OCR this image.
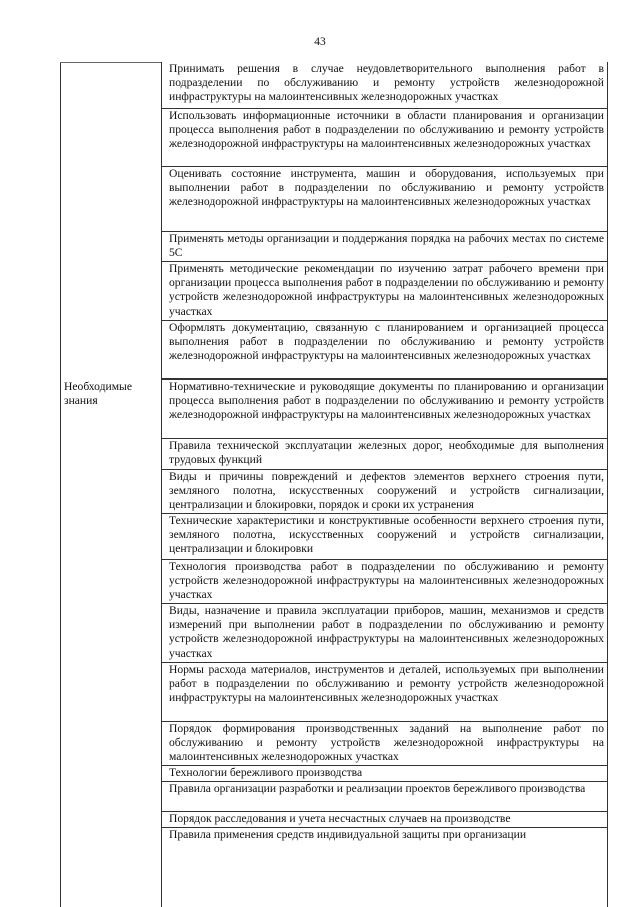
43
Необходимые знания
Принимать решения в случае неудовлетворительного выполнения работ в подразделении по обслуживанию и ремонту устройств железнодорожной инфраструктуры на малоинтенсивных железнодорожных участках
Использовать информационные источники в области планирования и организации процесса выполнения работ в подразделении по обслуживанию и ремонту устройств железнодорожной инфраструктуры на малоинтенсивных железнодорожных участках
Оценивать состояние инструмента, машин и оборудования, используемых при выполнении работ в подразделении по обслуживанию и ремонту устройств железнодорожной инфраструктуры на малоинтенсивных железнодорожных участках
Применять методы организации и поддержания порядка на рабочих местах по системе 5С
Применять методические рекомендации по изучению затрат рабочего времени при организации процесса выполнения работ в подразделении по обслуживанию и ремонту устройств железнодорожной инфраструктуры на малоинтенсивных железнодорожных участках
Оформлять документацию, связанную с планированием и организацией процесса выполнения работ в подразделении по обслуживанию и ремонту устройств железнодорожной инфраструктуры на малоинтенсивных железнодорожных участках
Нормативно-технические и руководящие документы по планированию и организации процесса выполнения работ в подразделении по обслуживанию и ремонту устройств железнодорожной инфраструктуры на малоинтенсивных железнодорожных участках
Правила технической эксплуатации железных дорог, необходимые для выполнения трудовых функций
Виды и причины повреждений и дефектов элементов верхнего строения пути, земляного полотна, искусственных сооружений и устройств сигнализации, централизации и блокировки, порядок и сроки их устранения
Технические характеристики и конструктивные особенности верхнего строения пути, земляного полотна, искусственных сооружений и устройств сигнализации, централизации и блокировки
Технология производства работ в подразделении по обслуживанию и ремонту устройств железнодорожной инфраструктуры на малоинтенсивных железнодорожных участках
Виды, назначение и правила эксплуатации приборов, машин, механизмов и средств измерений при выполнении работ в подразделении по обслуживанию и ремонту устройств железнодорожной инфраструктуры на малоинтенсивных железнодорожных участках
Нормы расхода материалов, инструментов и деталей, используемых при выполнении работ в подразделении по обслуживанию и ремонту устройств железнодорожной инфраструктуры на малоинтенсивных железнодорожных участках
Порядок формирования производственных заданий на выполнение работ по обслуживанию и ремонту устройств железнодорожной инфраструктуры на малоинтенсивных железнодорожных участках
Технологии бережливого производства
Правила организации разработки и реализации проектов бережливого производства
Порядок расследования и учета несчастных случаев на производстве
Правила применения средств индивидуальной защиты при организации
